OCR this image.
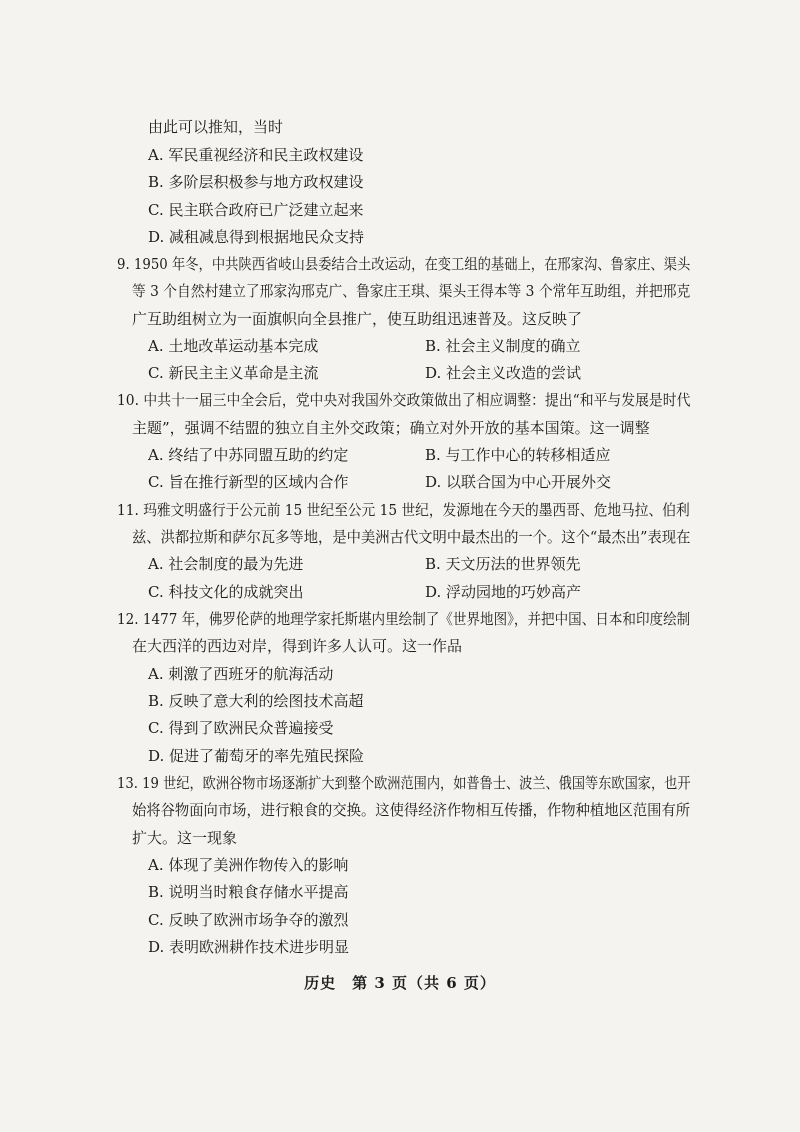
由此可以推知，当时
A. 军民重视经济和民主政权建设
B. 多阶层积极参与地方政权建设
C. 民主联合政府已广泛建立起来
D. 减租减息得到根据地民众支持
9. 1950 年冬，中共陕西省岐山县委结合土改运动，在变工组的基础上，在邢家沟、鲁家庄、渠头
等 3 个自然村建立了邢家沟邢克广、鲁家庄王琪、渠头王得本等 3 个常年互助组，并把邢克
广互助组树立为一面旗帜向全县推广，使互助组迅速普及。这反映了
A. 土地改革运动基本完成	B. 社会主义制度的确立
C. 新民主主义革命是主流	D. 社会主义改造的尝试
10. 中共十一届三中全会后，党中央对我国外交政策做出了相应调整：提出“和平与发展是时代
主题”，强调不结盟的独立自主外交政策；确立对外开放的基本国策。这一调整
A. 终结了中苏同盟互助的约定	B. 与工作中心的转移相适应
C. 旨在推行新型的区域内合作	D. 以联合国为中心开展外交
11. 玛雅文明盛行于公元前 15 世纪至公元 15 世纪，发源地在今天的墨西哥、危地马拉、伯利
兹、洪都拉斯和萨尔瓦多等地，是中美洲古代文明中最杰出的一个。这个“最杰出”表现在
A. 社会制度的最为先进	B. 天文历法的世界领先
C. 科技文化的成就突出	D. 浮动园地的巧妙高产
12. 1477 年，佛罗伦萨的地理学家托斯堪内里绘制了《世界地图》，并把中国、日本和印度绘制
在大西洋的西边对岸，得到许多人认可。这一作品
A. 刺激了西班牙的航海活动
B. 反映了意大利的绘图技术高超
C. 得到了欧洲民众普遍接受
D. 促进了葡萄牙的率先殖民探险
13. 19 世纪，欧洲谷物市场逐渐扩大到整个欧洲范围内，如普鲁士、波兰、俄国等东欧国家，也开
始将谷物面向市场，进行粮食的交换。这使得经济作物相互传播，作物种植地区范围有所
扩大。这一现象
A. 体现了美洲作物传入的影响
B. 说明当时粮食存储水平提高
C. 反映了欧洲市场争夺的激烈
D. 表明欧洲耕作技术进步明显
历史　第 3 页（共 6 页）
